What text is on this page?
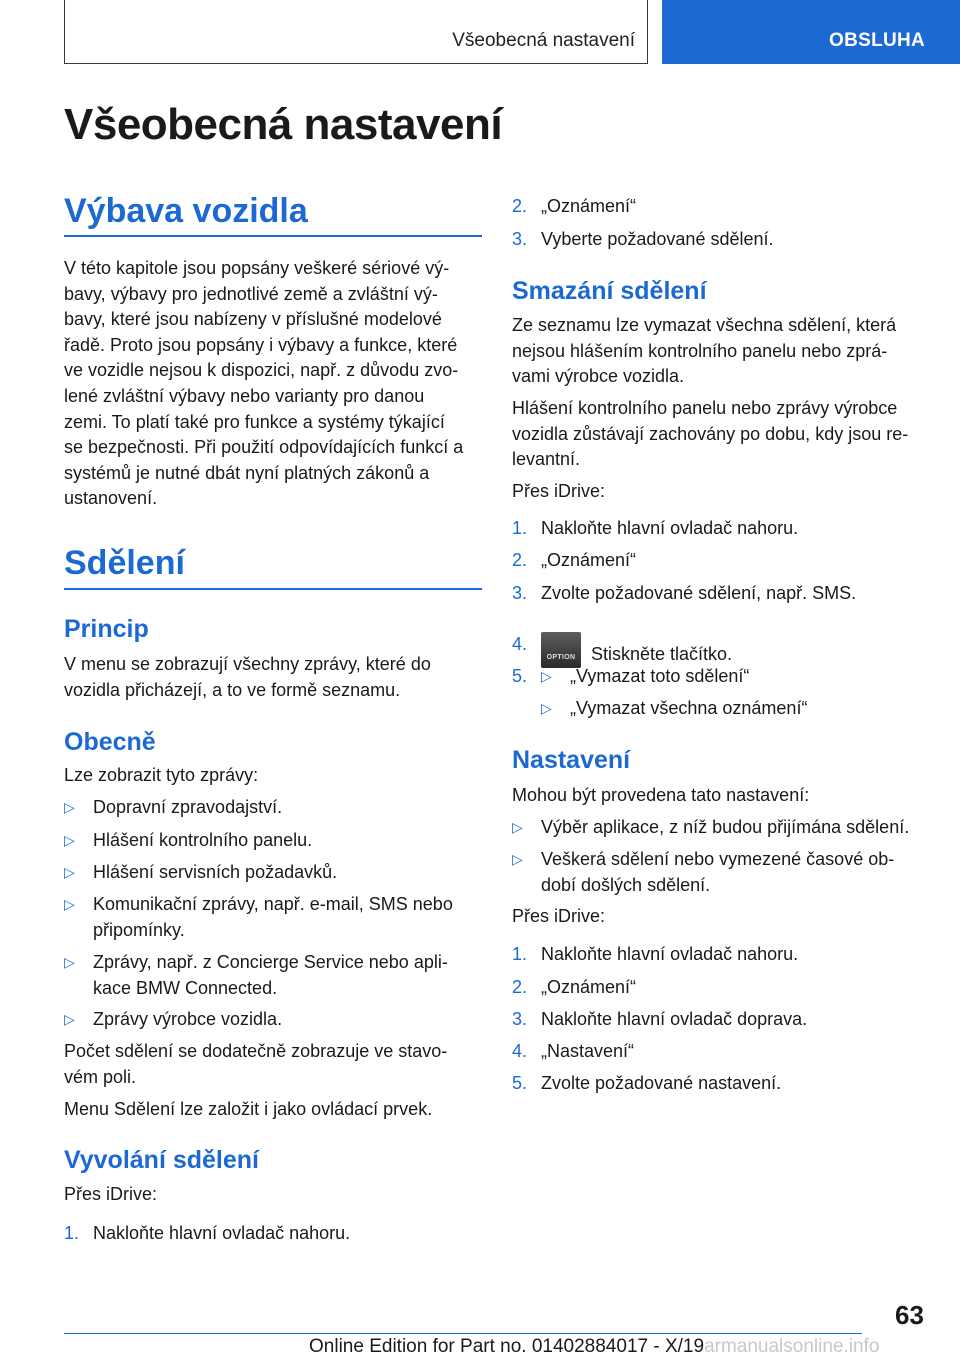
Všeobecná nastavení	OBSLUHA
Všeobecná nastavení
Výbava vozidla

V této kapitole jsou popsány veškeré sériové vý-
bavy, výbavy pro jednotlivé země a zvláštní vý-
bavy, které jsou nabízeny v příslušné modelové
řadě. Proto jsou popsány i výbavy a funkce, které
ve vozidle nejsou k dispozici, např. z důvodu zvo-
lené zvláštní výbavy nebo varianty pro danou
zemi. To platí také pro funkce a systémy týkající
se bezpečnosti. Při použití odpovídajících funkcí a
systémů je nutné dbát nyní platných zákonů a
ustanovení.

Sdělení
Princip

V menu se zobrazují všechny zprávy, které do
vozidla přicházejí, a to ve formě seznamu.

Obecně

Lze zobrazit tyto zprávy:

▷ Dopravní zpravodajství.
▷ Hlášení kontrolního panelu.
▷ Hlášení servisních požadavků.
▷ Komunikační zprávy, např. e-mail, SMS nebo
připomínky.
▷ Zprávy, např. z Concierge Service nebo apli-
kace BMW Connected.
▷ Zprávy výrobce vozidla.

Počet sdělení se dodatečně zobrazuje ve stavo-
vém poli.

Menu Sdělení lze založit i jako ovládací prvek.

Vyvolání sdělení

Přes iDrive:

1. Nakloňte hlavní ovladač nahoru.
2. „Oznámení“
3. Vyberte požadované sdělení.
Smazání sdělení

Ze seznamu lze vymazat všechna sdělení, která
nejsou hlášením kontrolního panelu nebo zprá-
vami výrobce vozidla.

Hlášení kontrolního panelu nebo zprávy výrobce
vozidla zůstávají zachovány po dobu, kdy jsou re-
levantní.

Přes iDrive:

1. Nakloňte hlavní ovladač nahoru.
2. „Oznámení“
3. Zvolte požadované sdělení, např. SMS.
4.
OPTION Stiskněte tlačítko.
5. ▷ „Vymazat toto sdělení“
▷ „Vymazat všechna oznámení“
Nastavení

Mohou být provedena tato nastavení:

▷ Výběr aplikace, z níž budou přijímána sdělení.
▷ Veškerá sdělení nebo vymezené časové ob-
dobí došlých sdělení.

Přes iDrive:

1. Nakloňte hlavní ovladač nahoru.
2. „Oznámení“
3. Nakloňte hlavní ovladač doprava.
4. „Nastavení“
5. Zvolte požadované nastavení.
63
Online Edition for Part no. 01402884017 - X/19armanualsonline.info
